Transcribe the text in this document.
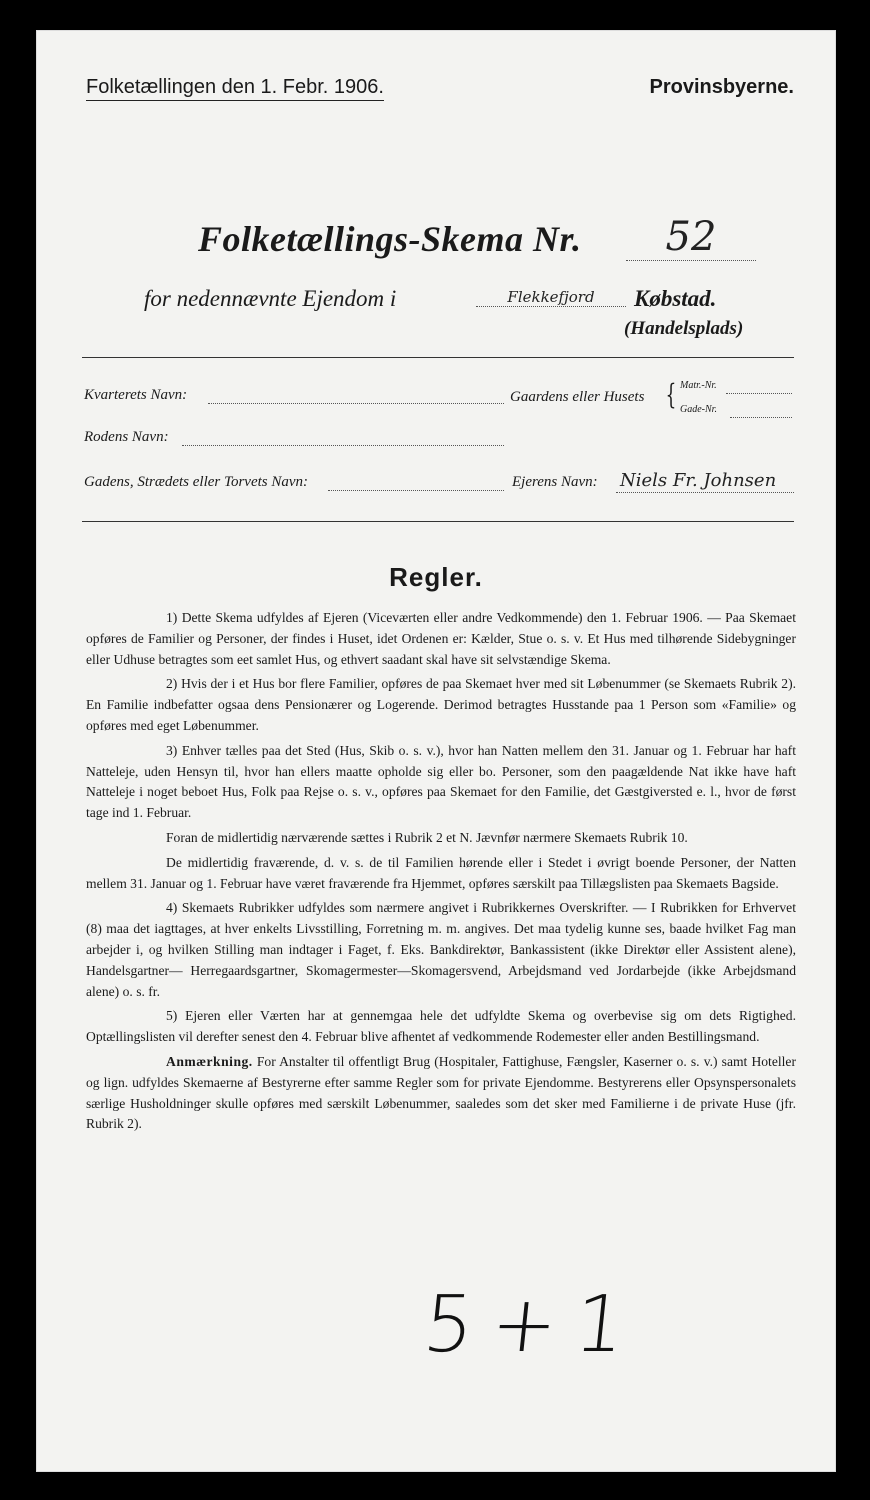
Folketællingen den 1. Febr. 1906.	Provinsbyerne.
Folketællings-Skema Nr.	52
for nedennævnte Ejendom i	Flekkefjord	Købstad.
(Handelsplads)
Kvarterets Navn:	Gaardens eller Husets { Matr.-Nr.
Gade-Nr.
Rodens Navn:
Gadens, Strædets eller Torvets Navn:	Ejerens Navn: Niels Fr. Johnsen
Regler.

1) Dette Skema udfyldes af Ejeren (Viceværten eller andre Vedkommende) den 1. Februar 1906. — Paa Skemaet opføres de Familier og Personer, der findes i Huset, idet Ordenen er: Kælder, Stue o. s. v. Et Hus med tilhørende Sidebygninger eller Udhuse betragtes som eet samlet Hus, og ethvert saadant skal have sit selvstændige Skema.

2) Hvis der i et Hus bor flere Familier, opføres de paa Skemaet hver med sit Løbenummer (se Skemaets Rubrik 2). En Familie indbefatter ogsaa dens Pensionærer og Logerende. Derimod betragtes Husstande paa 1 Person som «Familie» og opføres med eget Løbenummer.

3) Enhver tælles paa det Sted (Hus, Skib o. s. v.), hvor han Natten mellem den 31. Januar og 1. Februar har haft Natteleje, uden Hensyn til, hvor han ellers maatte opholde sig eller bo. Personer, som den paagældende Nat ikke have haft Natteleje i noget beboet Hus, Folk paa Rejse o. s. v., opføres paa Skemaet for den Familie, det Gæstgiversted e. l., hvor de først tage ind 1. Februar.

Foran de midlertidig nærværende sættes i Rubrik 2 et N. Jævnfør nærmere Skemaets Rubrik 10.

De midlertidig fraværende, d. v. s. de til Familien hørende eller i Stedet i øvrigt boende Personer, der Natten mellem 31. Januar og 1. Februar have været fraværende fra Hjemmet, opføres særskilt paa Tillægslisten paa Skemaets Bagside.

4) Skemaets Rubrikker udfyldes som nærmere angivet i Rubrikkernes Overskrifter. — I Rubrikken for Erhvervet (8) maa det iagttages, at hver enkelts Livsstilling, Forretning m. m. angives. Det maa tydelig kunne ses, baade hvilket Fag man arbejder i, og hvilken Stilling man indtager i Faget, f. Eks. Bankdirektør, Bankassistent (ikke Direktør eller Assistent alene), Handelsgartner— Herregaardsgartner, Skomagermester—Skomagersvend, Arbejdsmand ved Jordarbejde (ikke Arbejdsmand alene) o. s. fr.

5) Ejeren eller Værten har at gennemgaa hele det udfyldte Skema og overbevise sig om dets Rigtighed. Optællingslisten vil derefter senest den 4. Februar blive afhentet af vedkommende Rodemester eller anden Bestillingsmand.

Anmærkning. For Anstalter til offentligt Brug (Hospitaler, Fattighuse, Fængsler, Kaserner o. s. v.) samt Hoteller og lign. udfyldes Skemaerne af Bestyrerne efter samme Regler som for private Ejendomme. Bestyrerens eller Opsynspersonalets særlige Husholdninger skulle opføres med særskilt Løbenummer, saaledes som det sker med Familierne i de private Huse (jfr. Rubrik 2).

5+1
